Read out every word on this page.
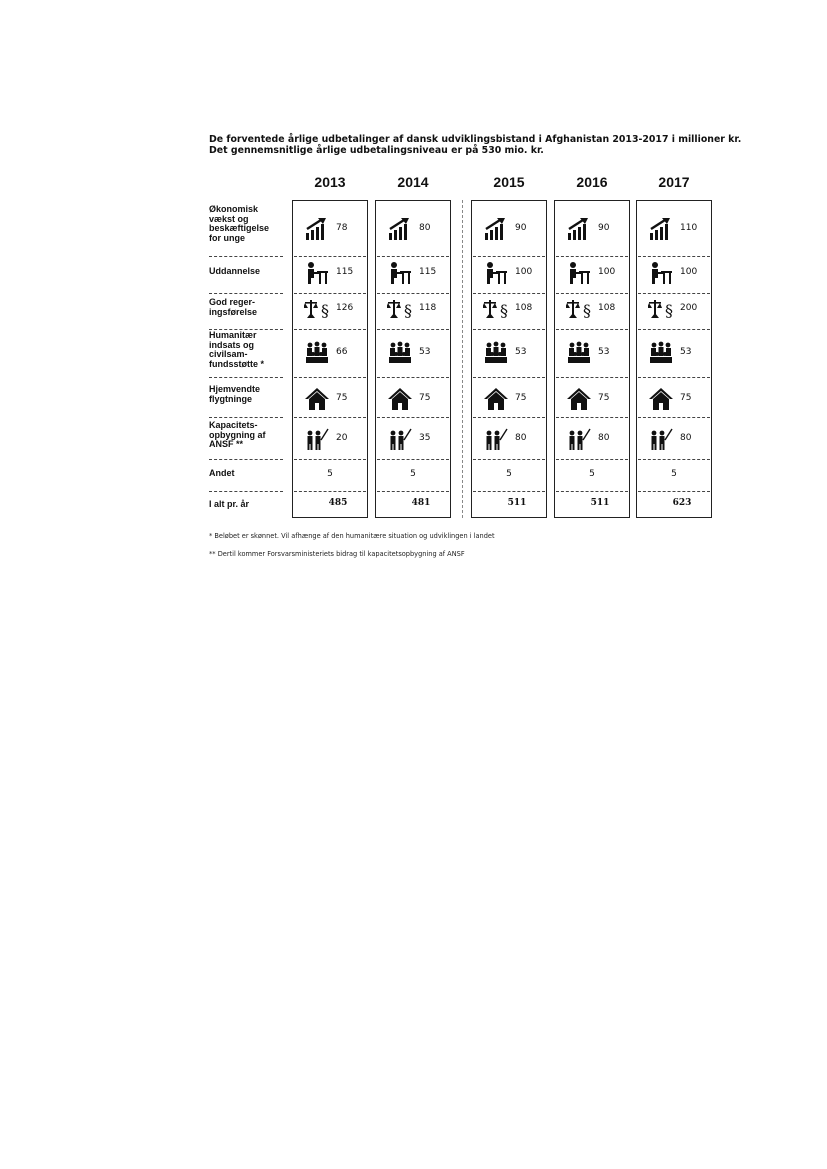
De forventede årlige udbetalinger af dansk udviklingsbistand i Afghanistan 2013-2017 i millioner kr.
Det gennemsnitlige årlige udbetalingsniveau er på 530 mio. kr.
2013	2014	2015	2016	2017
Økonomisk
vækst og
beskæftigelse
for unge
78	80	90	90	110
Uddannelse	115	115	100	100	100
God reger-
ingsførelse	§ 126	§ 118	§ 108	§ 108	§ 200
Humanitær
indsats og
civilsam-
fundsstøtte *
66	53	53	53	53
Hjemvendte
flygtninge	75	75	75	75	75
Kapacitets-
opbygning af
ANSF **
20	35	80	80	80
Andet	5	5	5	5	5
I alt pr. år	485	481	511	511	623
* Beløbet er skønnet. Vil afhænge af den humanitære situation og udviklingen i landet
** Dertil kommer Forsvarsministeriets bidrag til kapacitetsopbygning af ANSF
